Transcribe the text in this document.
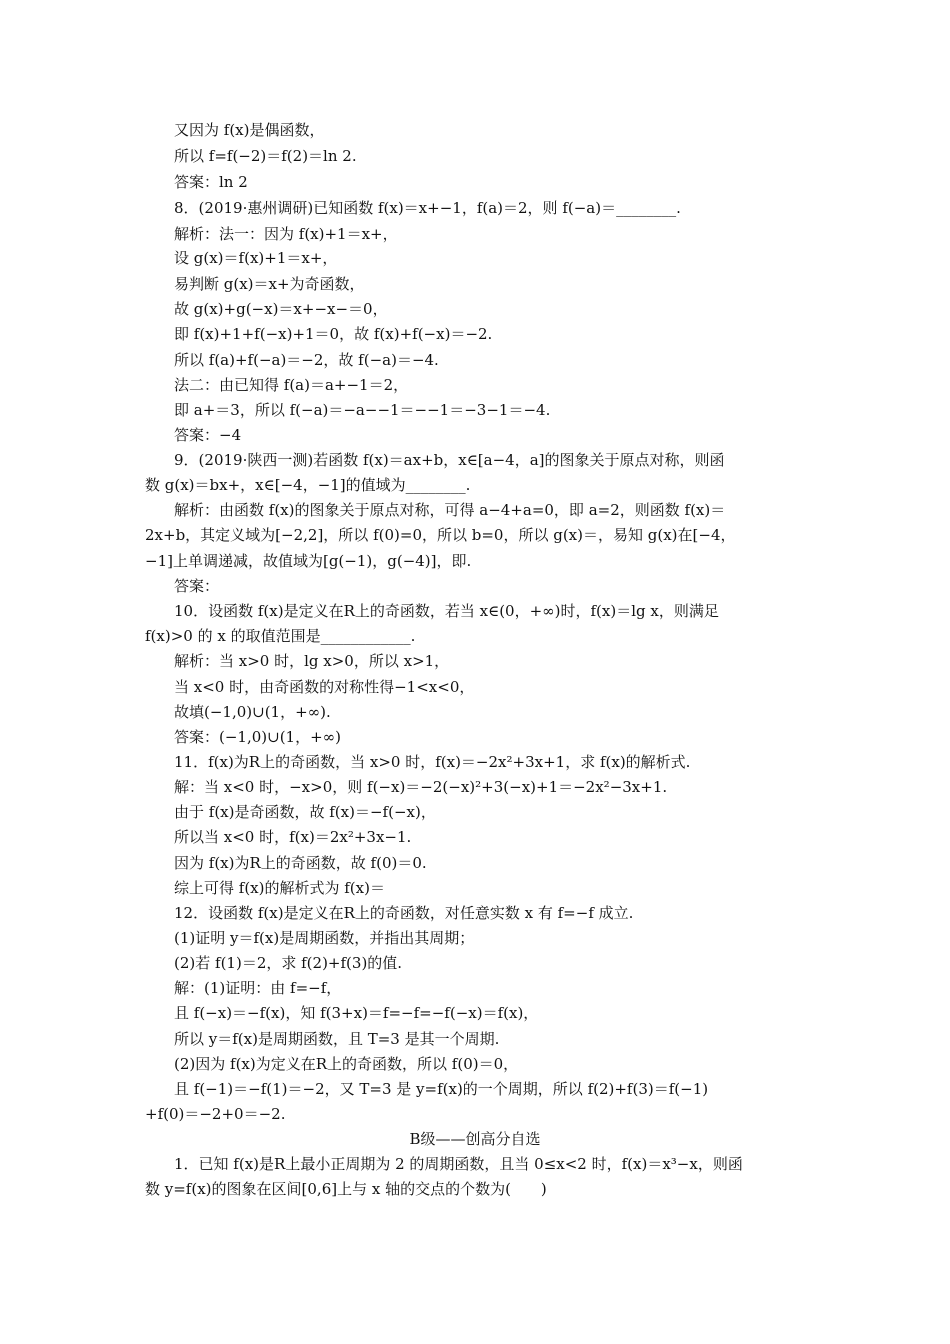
又因为 f(x)是偶函数，
所以 f=f(−2)＝f(2)＝ln 2.
答案：ln 2
8．(2019·惠州调研)已知函数 f(x)＝x+−1，f(a)＝2，则 f(−a)＝________.
解析：法一：因为 f(x)+1＝x+，
设 g(x)＝f(x)+1＝x+，
易判断 g(x)＝x+为奇函数，
故 g(x)+g(−x)＝x+−x−＝0，
即 f(x)+1+f(−x)+1＝0，故 f(x)+f(−x)＝−2.
所以 f(a)+f(−a)＝−2，故 f(−a)＝−4.
法二：由已知得 f(a)＝a+−1＝2，
即 a+＝3，所以 f(−a)＝−a−−1＝−−1＝−3−1＝−4.
答案：−4
9．(2019·陕西一测)若函数 f(x)＝ax+b，x∈[a−4，a]的图象关于原点对称，则函
数 g(x)＝bx+，x∈[−4，−1]的值域为________.
解析：由函数 f(x)的图象关于原点对称，可得 a−4+a=0，即 a=2，则函数 f(x)＝
2x+b，其定义域为[−2,2]，所以 f(0)=0，所以 b=0，所以 g(x)＝，易知 g(x)在[−4，
−1]上单调递减，故值域为[g(−1)，g(−4)]，即.
答案：
10．设函数 f(x)是定义在R上的奇函数，若当 x∈(0，+∞)时，f(x)＝lg x，则满足
f(x)>0 的 x 的取值范围是____________.
解析：当 x>0 时，lg x>0，所以 x>1，
当 x<0 时，由奇函数的对称性得−1<x<0，
故填(−1,0)∪(1，+∞).
答案：(−1,0)∪(1，+∞)
11．f(x)为R上的奇函数，当 x>0 时，f(x)＝−2x²+3x+1，求 f(x)的解析式.
解：当 x<0 时，−x>0，则 f(−x)＝−2(−x)²+3(−x)+1＝−2x²−3x+1.
由于 f(x)是奇函数，故 f(x)＝−f(−x)，
所以当 x<0 时，f(x)＝2x²+3x−1.
因为 f(x)为R上的奇函数，故 f(0)＝0.
综上可得 f(x)的解析式为 f(x)＝
12．设函数 f(x)是定义在R上的奇函数，对任意实数 x 有 f=−f 成立.
(1)证明 y＝f(x)是周期函数，并指出其周期；
(2)若 f(1)＝2，求 f(2)+f(3)的值.
解：(1)证明：由 f=−f，
且 f(−x)＝−f(x)，知 f(3+x)＝f=−f=−f(−x)＝f(x)，
所以 y＝f(x)是周期函数，且 T=3 是其一个周期.
(2)因为 f(x)为定义在R上的奇函数，所以 f(0)＝0，
且 f(−1)＝−f(1)＝−2，又 T=3 是 y=f(x)的一个周期，所以 f(2)+f(3)＝f(−1)
+f(0)＝−2+0＝−2.
B级——创高分自选
1．已知 f(x)是R上最小正周期为 2 的周期函数，且当 0≤x<2 时，f(x)＝x³−x，则函
数 y=f(x)的图象在区间[0,6]上与 x 轴的交点的个数为(　　)
